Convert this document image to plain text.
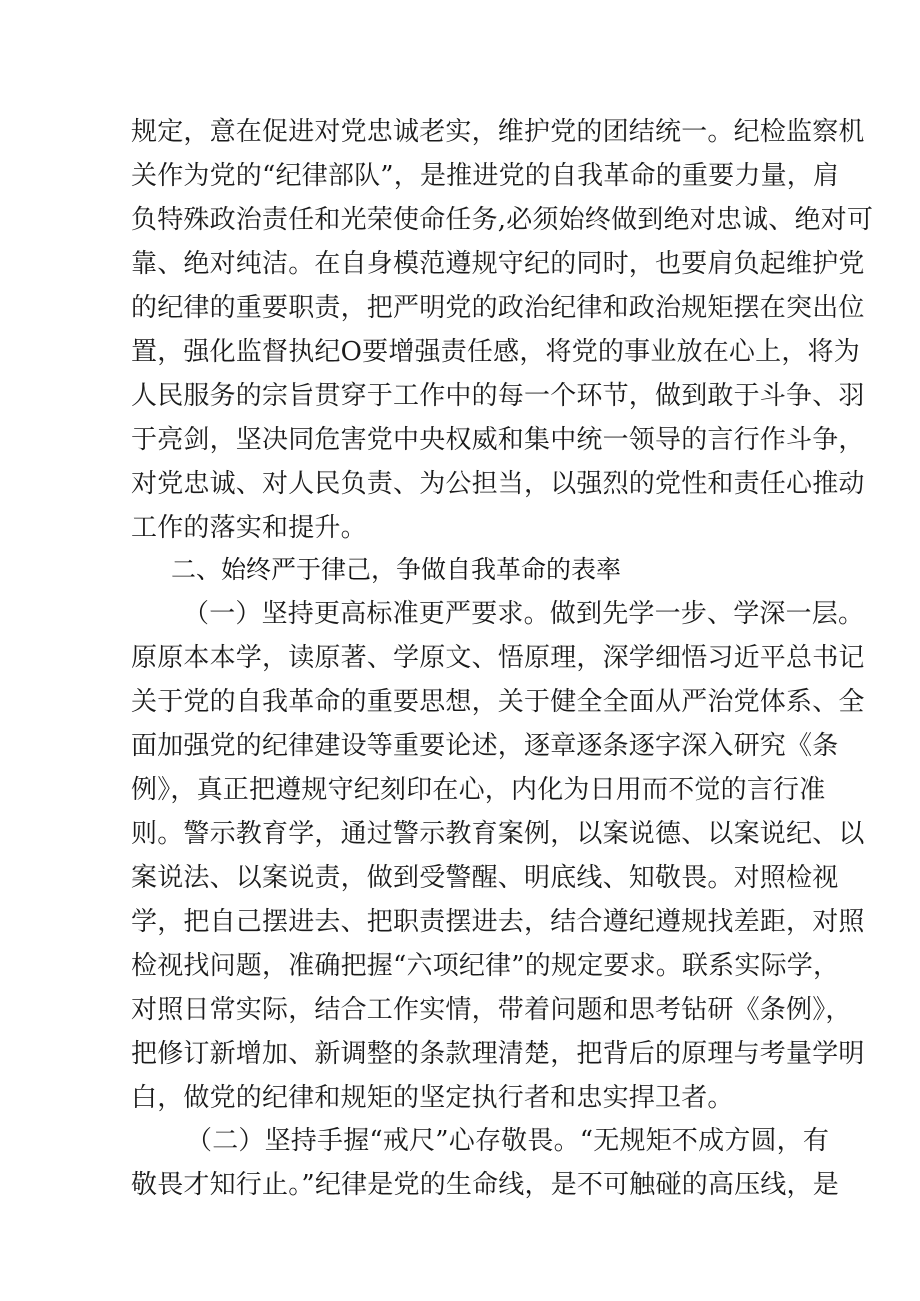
规定，意在促进对党忠诚老实，维护党的团结统一。纪检监察机
关作为党的“纪律部队”，是推进党的自我革命的重要力量，肩
负特殊政治责任和光荣使命任务,必须始终做到绝对忠诚、绝对可
靠、绝对纯洁。在自身模范遵规守纪的同时，也要肩负起维护党
的纪律的重要职责，把严明党的政治纪律和政治规矩摆在突出位
置，强化监督执纪O要增强责任感，将党的事业放在心上，将为
人民服务的宗旨贯穿于工作中的每一个环节，做到敢于斗争、羽
于亮剑，坚决同危害党中央权威和集中统一领导的言行作斗争，
对党忠诚、对人民负责、为公担当，以强烈的党性和责任心推动
工作的落实和提升。
二、始终严于律己，争做自我革命的表率
（一）坚持更高标准更严要求。做到先学一步、学深一层。
原原本本学，读原著、学原文、悟原理，深学细悟习近平总书记
关于党的自我革命的重要思想，关于健全全面从严治党体系、全
面加强党的纪律建设等重要论述，逐章逐条逐字深入研究《条
例》，真正把遵规守纪刻印在心，内化为日用而不觉的言行准
则。警示教育学，通过警示教育案例，以案说德、以案说纪、以
案说法、以案说责，做到受警醒、明底线、知敬畏。对照检视
学，把自己摆进去、把职责摆进去，结合遵纪遵规找差距，对照
检视找问题，准确把握“六项纪律”的规定要求。联系实际学，
对照日常实际，结合工作实情，带着问题和思考钻研《条例》，
把修订新增加、新调整的条款理清楚，把背后的原理与考量学明
白，做党的纪律和规矩的坚定执行者和忠实捍卫者。
（二）坚持手握“戒尺”心存敬畏。“无规矩不成方圆，有
敬畏才知行止。”纪律是党的生命线，是不可触碰的高压线，是
